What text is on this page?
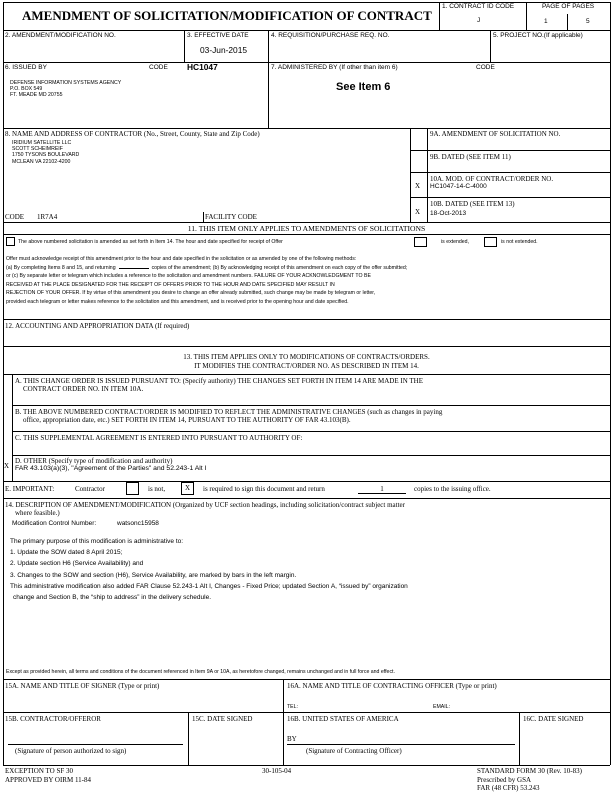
AMENDMENT OF SOLICITATION/MODIFICATION OF CONTRACT
1. CONTRACT ID CODE
J
PAGE OF PAGES
1	5
2. AMENDMENT/MODIFICATION NO.	3. EFFECTIVE DATE
03-Jun-2015
4. REQUISITION/PURCHASE REQ. NO.	5. PROJECT NO.(If applicable)
6. ISSUED BY	CODE HC1047
DEFENSE INFORMATION SYSTEMS AGENCY
P.O. BOX 549
FT. MEADE MD 20755
7. ADMINISTERED BY (If other than item 6)	CODE
See Item 6
8. NAME AND ADDRESS OF CONTRACTOR (No., Street, County, State and Zip Code)
IRIDIUM SATELLITE LLC
SCOTT SCHEIMREIF
1750 TYSONS BOULEVARD
MCLEAN VA 22102-4200
CODE 1R7A4	FACILITY CODE
9A. AMENDMENT OF SOLICITATION NO.
9B. DATED (SEE ITEM 11)
X
10A. MOD. OF CONTRACT/ORDER NO.
HC1047-14-C-4000
X
10B. DATED (SEE ITEM 13)
18-Oct-2013
11. THIS ITEM ONLY APPLIES TO AMENDMENTS OF SOLICITATIONS
The above numbered solicitation is amended as set forth in Item 14. The hour and date specified for receipt of Offer	is extended,	is not extended.
Offer must acknowledge receipt of this amendment prior to the hour and date specified in the solicitation or as amended by one of the following methods:
(a) By completing Items 8 and 15, and returning	copies of the amendment; (b) By acknowledging receipt of this amendment on each copy of the offer submitted;
or (c) By separate letter or telegram which includes a reference to the solicitation and amendment numbers. FAILURE OF YOUR ACKNOWLEDGMENT TO BE
RECEIVED AT THE PLACE DESIGNATED FOR THE RECEIPT OF OFFERS PRIOR TO THE HOUR AND DATE SPECIFIED MAY RESULT IN
REJECTION OF YOUR OFFER. If by virtue of this amendment you desire to change an offer already submitted, such change may be made by telegram or letter,
provided each telegram or letter makes reference to the solicitation and this amendment, and is received prior to the opening hour and date specified.
12. ACCOUNTING AND APPROPRIATION DATA (If required)
13. THIS ITEM APPLIES ONLY TO MODIFICATIONS OF CONTRACTS/ORDERS.
IT MODIFIES THE CONTRACT/ORDER NO. AS DESCRIBED IN ITEM 14.
A. THIS CHANGE ORDER IS ISSUED PURSUANT TO: (Specify authority) THE CHANGES SET FORTH IN ITEM 14 ARE MADE IN THE
CONTRACT ORDER NO. IN ITEM 10A.
B. THE ABOVE NUMBERED CONTRACT/ORDER IS MODIFIED TO REFLECT THE ADMINISTRATIVE CHANGES (such as changes in paying
office, appropriation date, etc.) SET FORTH IN ITEM 14, PURSUANT TO THE AUTHORITY OF FAR 43.103(B).
C. THIS SUPPLEMENTAL AGREEMENT IS ENTERED INTO PURSUANT TO AUTHORITY OF:
X
D. OTHER (Specify type of modification and authority)
FAR 43.103(a)(3), "Agreement of the Parties" and 52.243-1 Alt I
E. IMPORTANT:	Contractor	is not,	X	is required to sign this document and return	1	copies to the issuing office.
14. DESCRIPTION OF AMENDMENT/MODIFICATION (Organized by UCF section headings, including solicitation/contract subject matter
where feasible.)
Modification Control Number:	watsonc15958
The primary purpose of this modification is administrative to:
1. Update the SOW dated 8 April 2015;
2. Update section H6 (Service Availability) and
3. Changes to the SOW and section (H6), Service Availability, are marked by bars in the left margin.
This administrative modification also added FAR Clause 52.243-1 Alt I, Changes - Fixed Price; updated Section A, “issued by” organization
change and Section B, the “ship to address” in the delivery schedule.
Except as provided herein, all terms and conditions of the document referenced in Item 9A or 10A, as heretofore changed, remains unchanged and in full force and effect.
15A. NAME AND TITLE OF SIGNER (Type or print)	16A. NAME AND TITLE OF CONTRACTING OFFICER (Type or print)
TEL:	EMAIL:
15B. CONTRACTOR/OFFEROR
(Signature of person authorized to sign)
15C. DATE SIGNED	16B. UNITED STATES OF AMERICA
BY
(Signature of Contracting Officer)
16C. DATE SIGNED
EXCEPTION TO SF 30
APPROVED BY OIRM 11-84
30-105-04	STANDARD FORM 30 (Rev. 10-83)
Prescribed by GSA
FAR (48 CFR) 53.243
